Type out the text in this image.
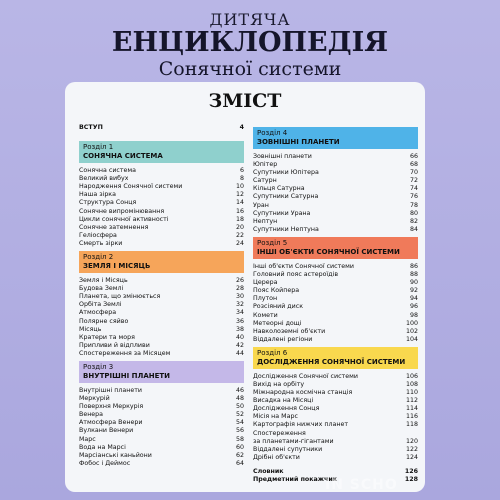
ДИТЯЧА
ЕНЦИКЛОПЕДІЯ
Сонячної системи
ЗМІСТ
ВСТУП	4
Розділ 1
СОНЯЧНА СИСТЕМА
Сонячна система	6
Великий вибух	8
Народження Сонячної системи	10
Наша зірка	12
Структура Сонця	14
Сонячне випромінювання	16
Цикли сонячної активності	18
Сонячне затемнення	20
Геліосфера	22
Смерть зірки	24
Розділ 2
ЗЕМЛЯ І МІСЯЦЬ
Земля і Місяць	26
Будова Землі	28
Планета, що змінюється	30
Орбіта Землі	32
Атмосфера	34
Полярне сяйво	36
Місяць	38
Кратери та моря	40
Припливи й відпливи	42
Спостереження за Місяцем	44
Розділ 3
ВНУТРІШНІ ПЛАНЕТИ
Внутрішні планети	46
Меркурій	48
Поверхня Меркурія	50
Венера	52
Атмосфера Венери	54
Вулкани Венери	56
Марс	58
Вода на Марсі	60
Марсіанські каньйони	62
Фобос і Деймос	64
Розділ 4
ЗОВНІШНІ ПЛАНЕТИ
Зовнішні планети	66
Юпітер	68
Супутники Юпітера	70
Сатурн	72
Кільця Сатурна	74
Супутники Сатурна	76
Уран	78
Супутники Урана	80
Нептун	82
Супутники Нептуна	84
Розділ 5
ІНШІ ОБ'ЄКТИ СОНЯЧНОЇ СИСТЕМИ
Інші об'єкти Сонячної системи	86
Головний пояс астероїдів	88
Церера	90
Пояс Койпера	92
Плутон	94
Розсіяний диск	96
Комети	98
Метеорні дощі	100
Навколоземні об'єкти	102
Віддалені регіони	104
Розділ 6
ДОСЛІДЖЕННЯ СОНЯЧНОЇ СИСТЕМИ
Дослідження Сонячної системи	106
Вихід на орбіту	108
Міжнародна космічна станція	110
Висадка на Місяці	112
Дослідження Сонця	114
Місія на Марс	116
Картографія нижчих планет	118
Спостереження
за планетами-гігантами	120
Віддалені супутники	122
Дрібні об'єкти	124
Словник	126
Предметний покажчик	128
IN SCHO
